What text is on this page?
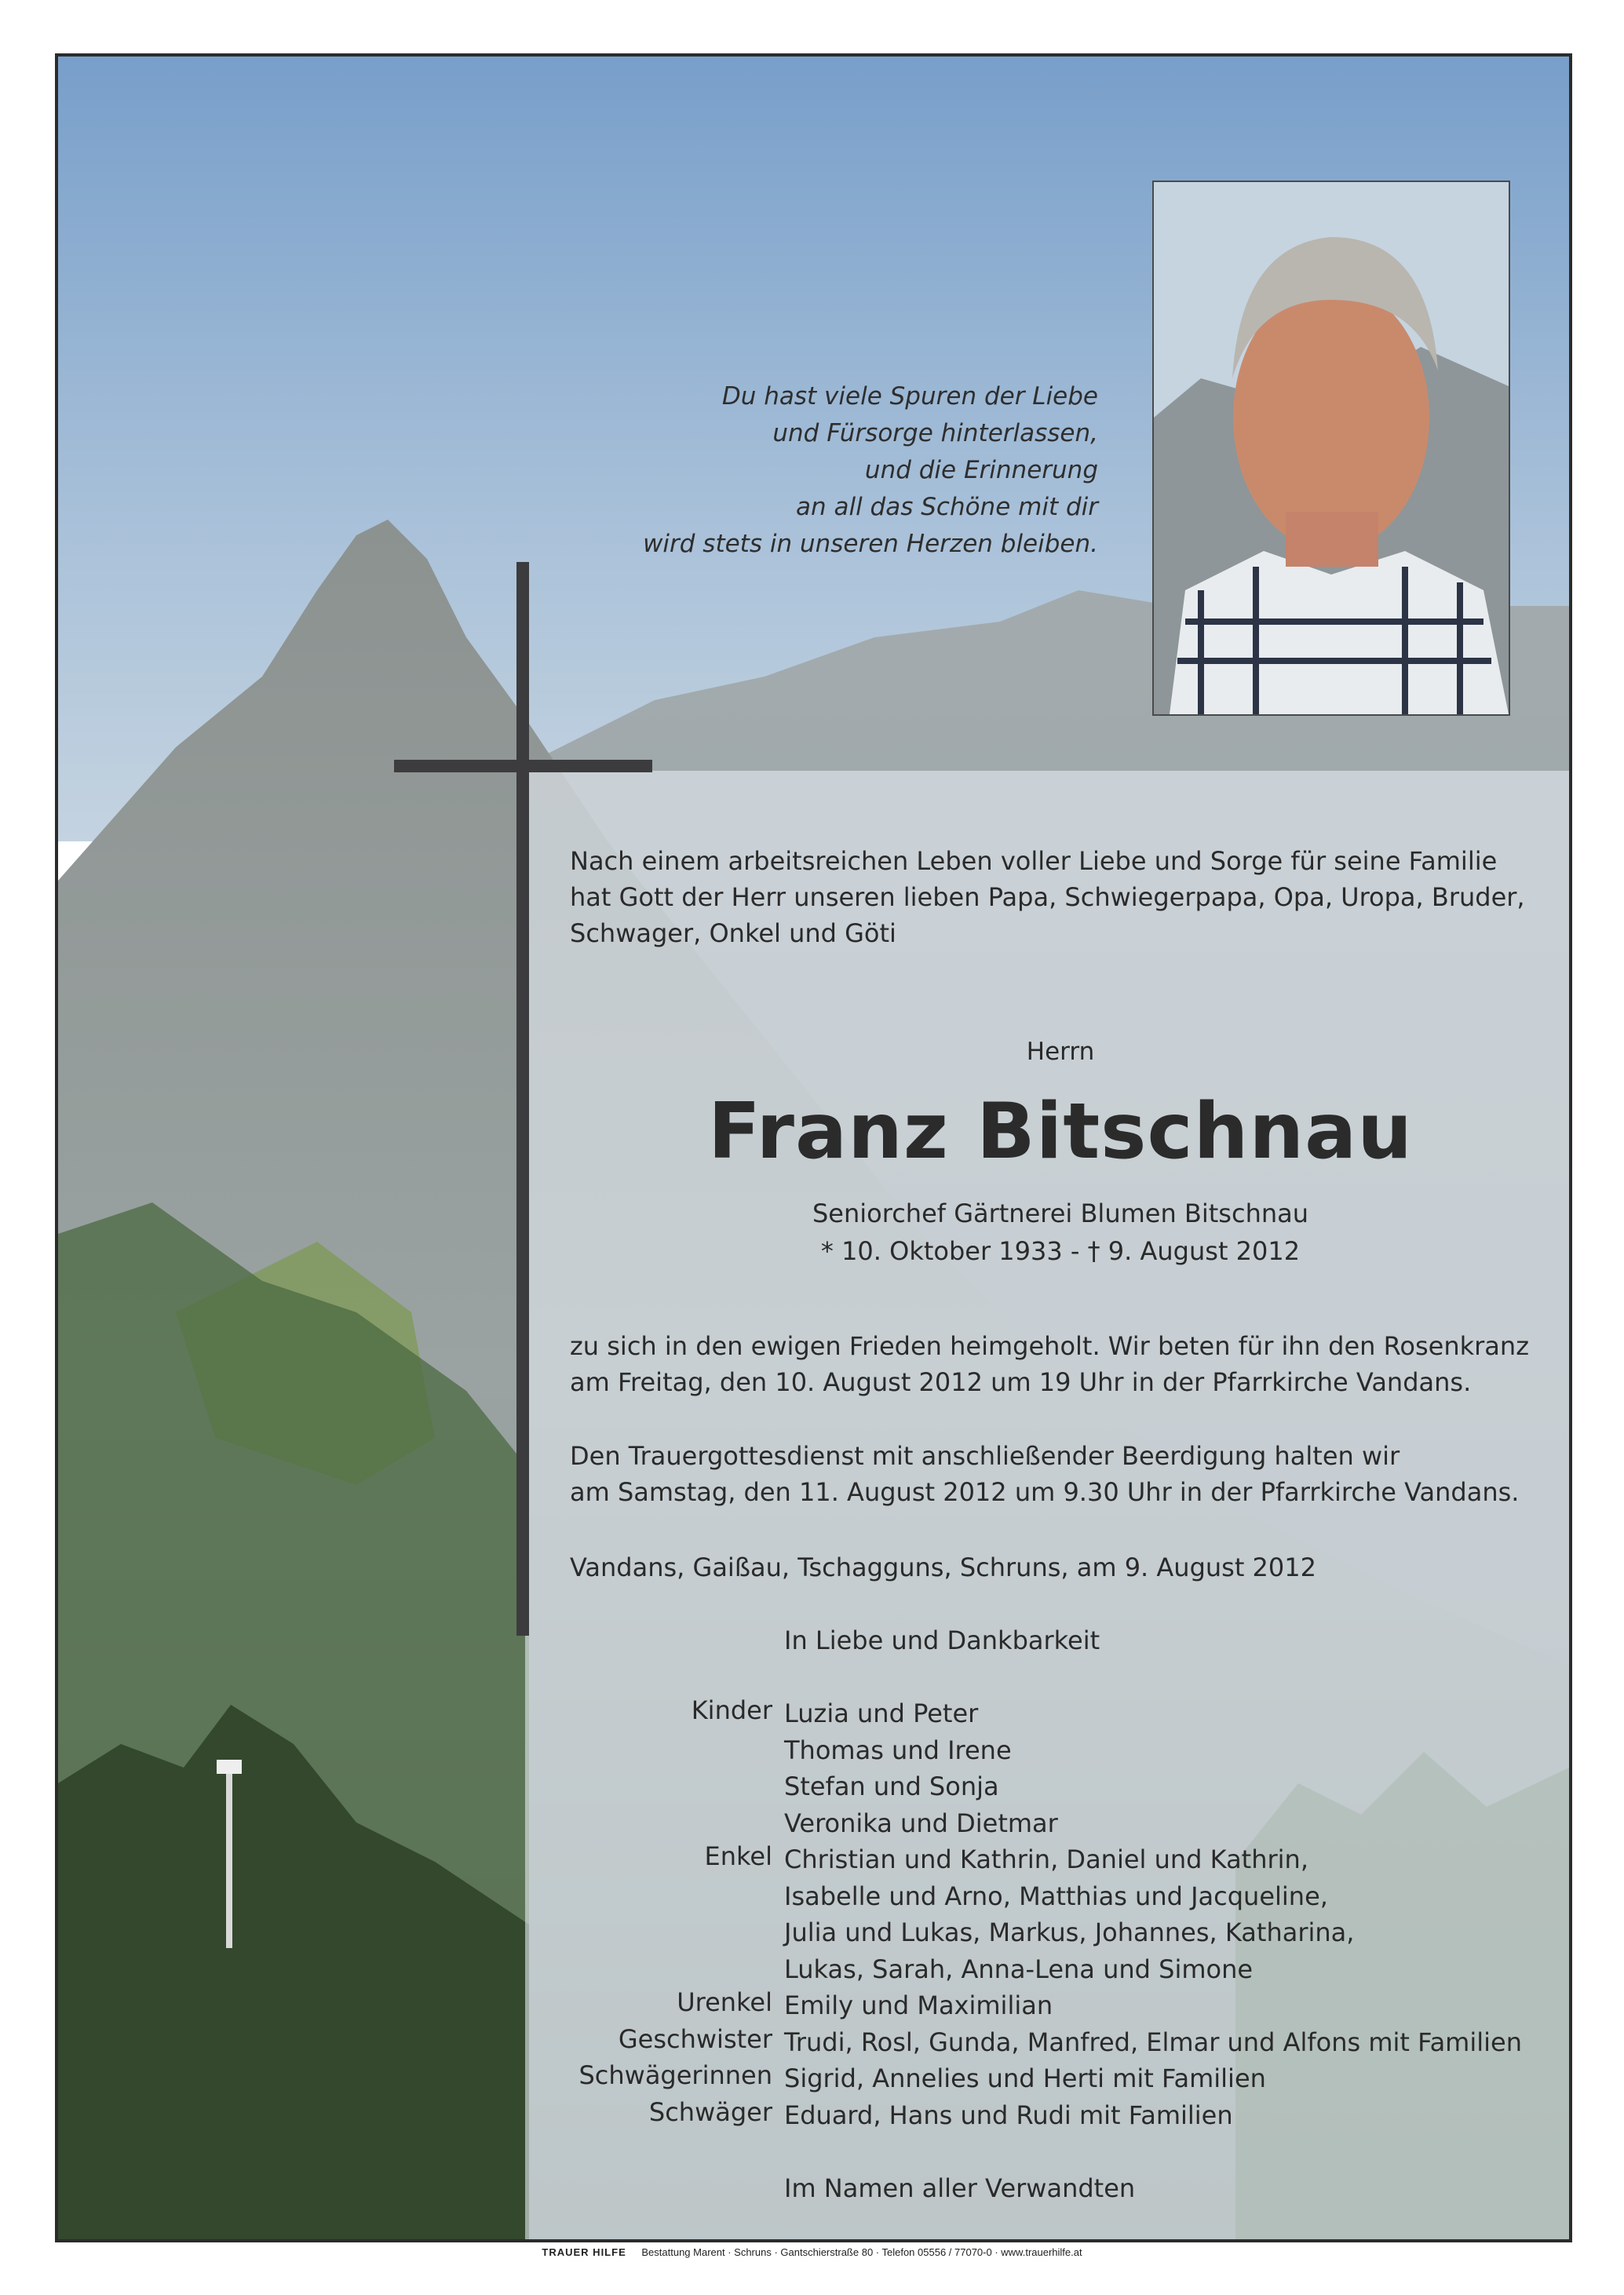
Du hast viele Spuren der Liebe
und Fürsorge hinterlassen,
und die Erinnerung
an all das Schöne mit dir
wird stets in unseren Herzen bleiben.
Nach einem arbeitsreichen Leben voller Liebe und Sorge für seine Familie
hat Gott der Herr unseren lieben Papa, Schwiegerpapa, Opa, Uropa, Bruder,
Schwager, Onkel und Göti
Herrn
Franz Bitschnau
Seniorchef Gärtnerei Blumen Bitschnau
* 10. Oktober 1933 - † 9. August 2012
zu sich in den ewigen Frieden heimgeholt. Wir beten für ihn den Rosenkranz
am Freitag, den 10. August 2012 um 19 Uhr in der Pfarrkirche Vandans.
Den Trauergottesdienst mit anschließender Beerdigung halten wir
am Samstag, den 11. August 2012 um 9.30 Uhr in der Pfarrkirche Vandans.
Vandans, Gaißau, Tschagguns, Schruns, am 9. August 2012
In Liebe und Dankbarkeit
Kinder Luzia und Peter
Thomas und Irene
Stefan und Sonja
Veronika und Dietmar
Enkel Christian und Kathrin, Daniel und Kathrin,
Isabelle und Arno, Matthias und Jacqueline,
Julia und Lukas, Markus, Johannes, Katharina,
Lukas, Sarah, Anna-Lena und Simone
Urenkel Emily und Maximilian
Geschwister Trudi, Rosl, Gunda, Manfred, Elmar und Alfons mit Familien
Schwägerinnen Sigrid, Annelies und Herti mit Familien
Schwäger Eduard, Hans und Rudi mit Familien
Im Namen aller Verwandten
TRAUER HILFE Bestattung Marent · Schruns · Gantschierstraße 80 · Telefon 05556 / 77070-0 · www.trauerhilfe.at
